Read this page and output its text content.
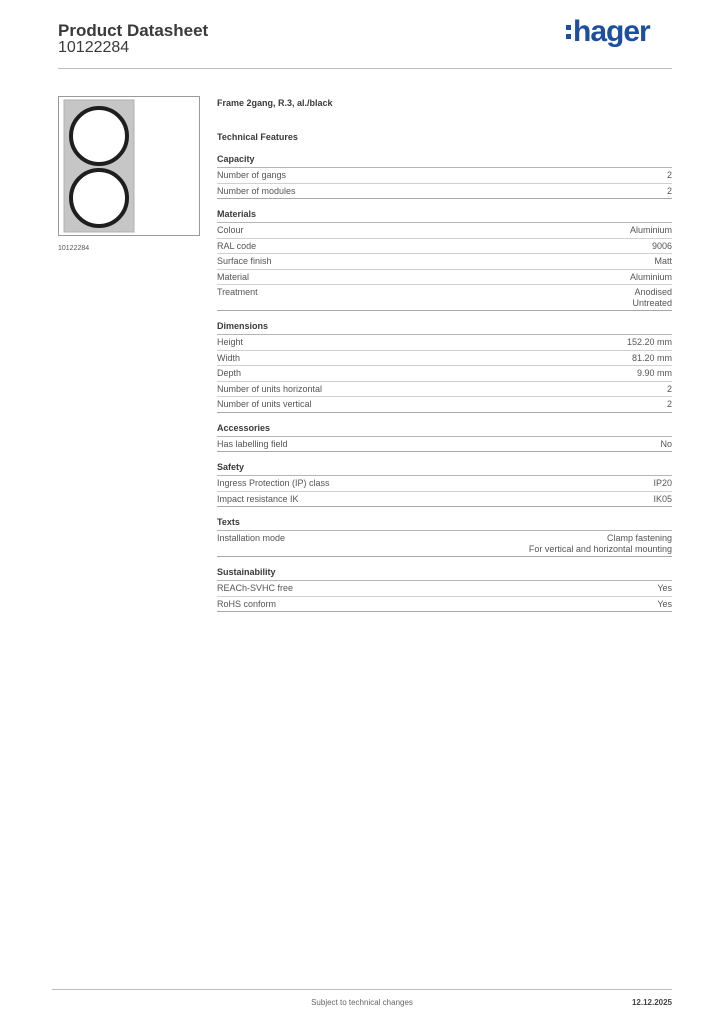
Product Datasheet
10122284	hager
10122284
Frame 2gang, R.3, al./black
Technical Features
Capacity
Number of gangs	2
Number of modules	2
Materials
Colour	Aluminium
RAL code	9006
Surface finish	Matt
Material	Aluminium
Treatment	Anodised
Untreated
Dimensions
Height	152.20 mm
Width	81.20 mm
Depth	9.90 mm
Number of units horizontal	2
Number of units vertical	2
Accessories
Has labelling field	No
Safety
Ingress Protection (IP) class	IP20
Impact resistance IK	IK05
Texts
Installation mode	Clamp fastening
For vertical and horizontal mounting
Sustainability
REACh-SVHC free	Yes
RoHS conform	Yes
Subject to technical changes	12.12.2025
